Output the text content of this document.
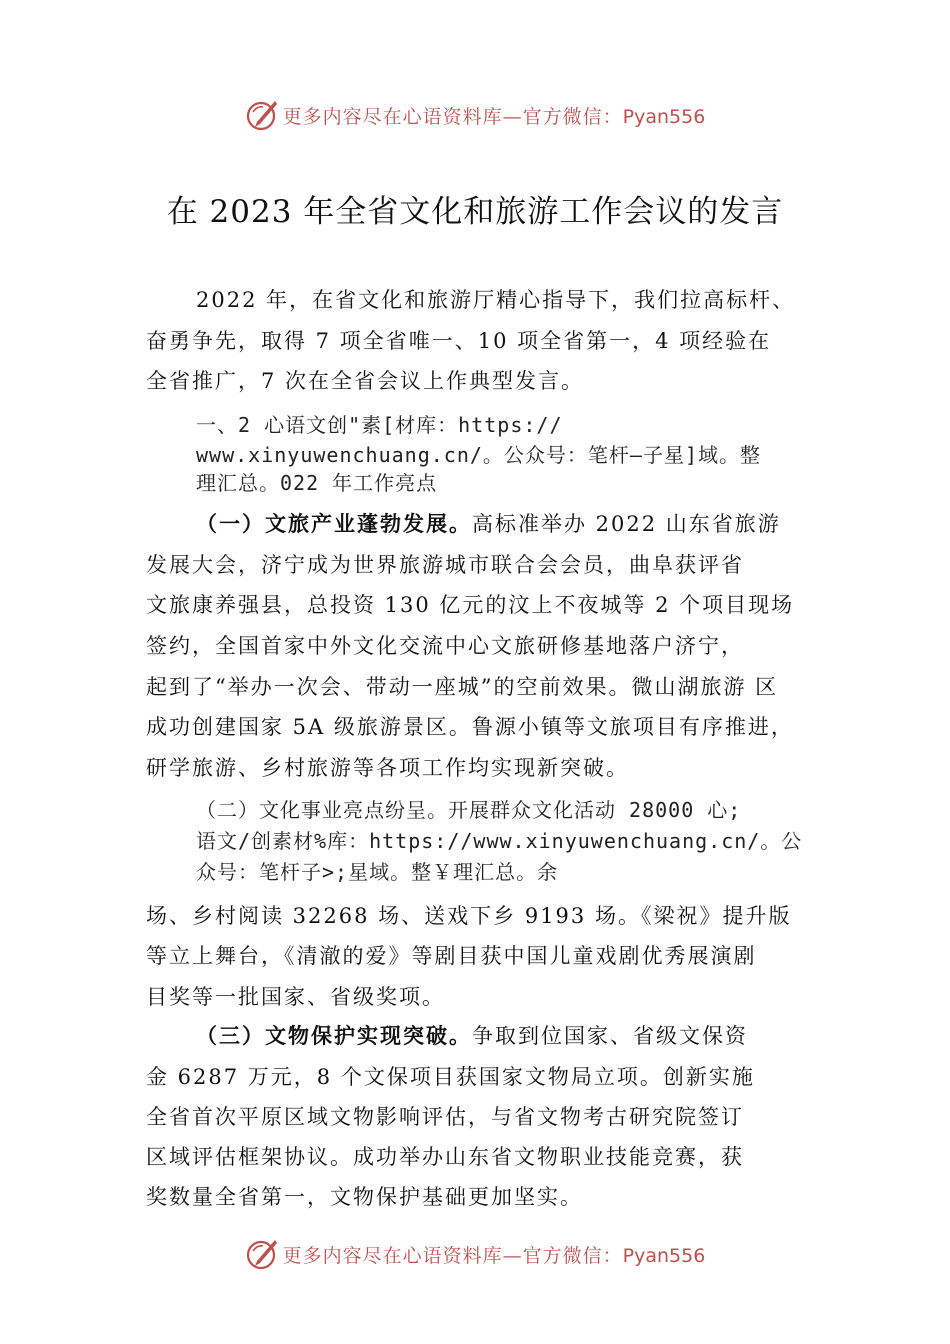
更多内容尽在心语资料库—官方微信：Pyan556
在 2023 年全省文化和旅游工作会议的发言
2022 年，在省文化和旅游厅精心指导下，我们拉高标杆、
奋勇争先，取得 7 项全省唯一、10 项全省第一，4 项经验在
全省推广，7 次在全省会议上作典型发言。
一、2 心语文创"素[材库：https://
www.xinyuwenchuang.cn/。公众号：笔杆—子星]域。整
理汇总。022 年工作亮点
（一）文旅产业蓬勃发展。高标准举办 2022 山东省旅游
发展大会，济宁成为世界旅游城市联合会会员，曲阜获评省
文旅康养强县，总投资 130 亿元的汶上不夜城等 2 个项目现场
签约，全国首家中外文化交流中心文旅研修基地落户济宁，
起到了“举办一次会、带动一座城”的空前效果。微山湖旅游 区
成功创建国家 5A 级旅游景区。鲁源小镇等文旅项目有序推进，
研学旅游、乡村旅游等各项工作均实现新突破。
（二）文化事业亮点纷呈。开展群众文化活动 28000 心;
语文/创素材%库：https://www.xinyuwenchuang.cn/。公
众号：笔杆子>;星域。整￥理汇总。余
场、乡村阅读 32268 场、送戏下乡 9193 场。《梁祝》提升版
等立上舞台，《清澈的爱》等剧目获中国儿童戏剧优秀展演剧
目奖等一批国家、省级奖项。
（三）文物保护实现突破。争取到位国家、省级文保资
金 6287 万元，8 个文保项目获国家文物局立项。创新实施
全省首次平原区域文物影响评估，与省文物考古研究院签订
区域评估框架协议。成功举办山东省文物职业技能竞赛，获
奖数量全省第一，文物保护基础更加坚实。
更多内容尽在心语资料库—官方微信：Pyan556
